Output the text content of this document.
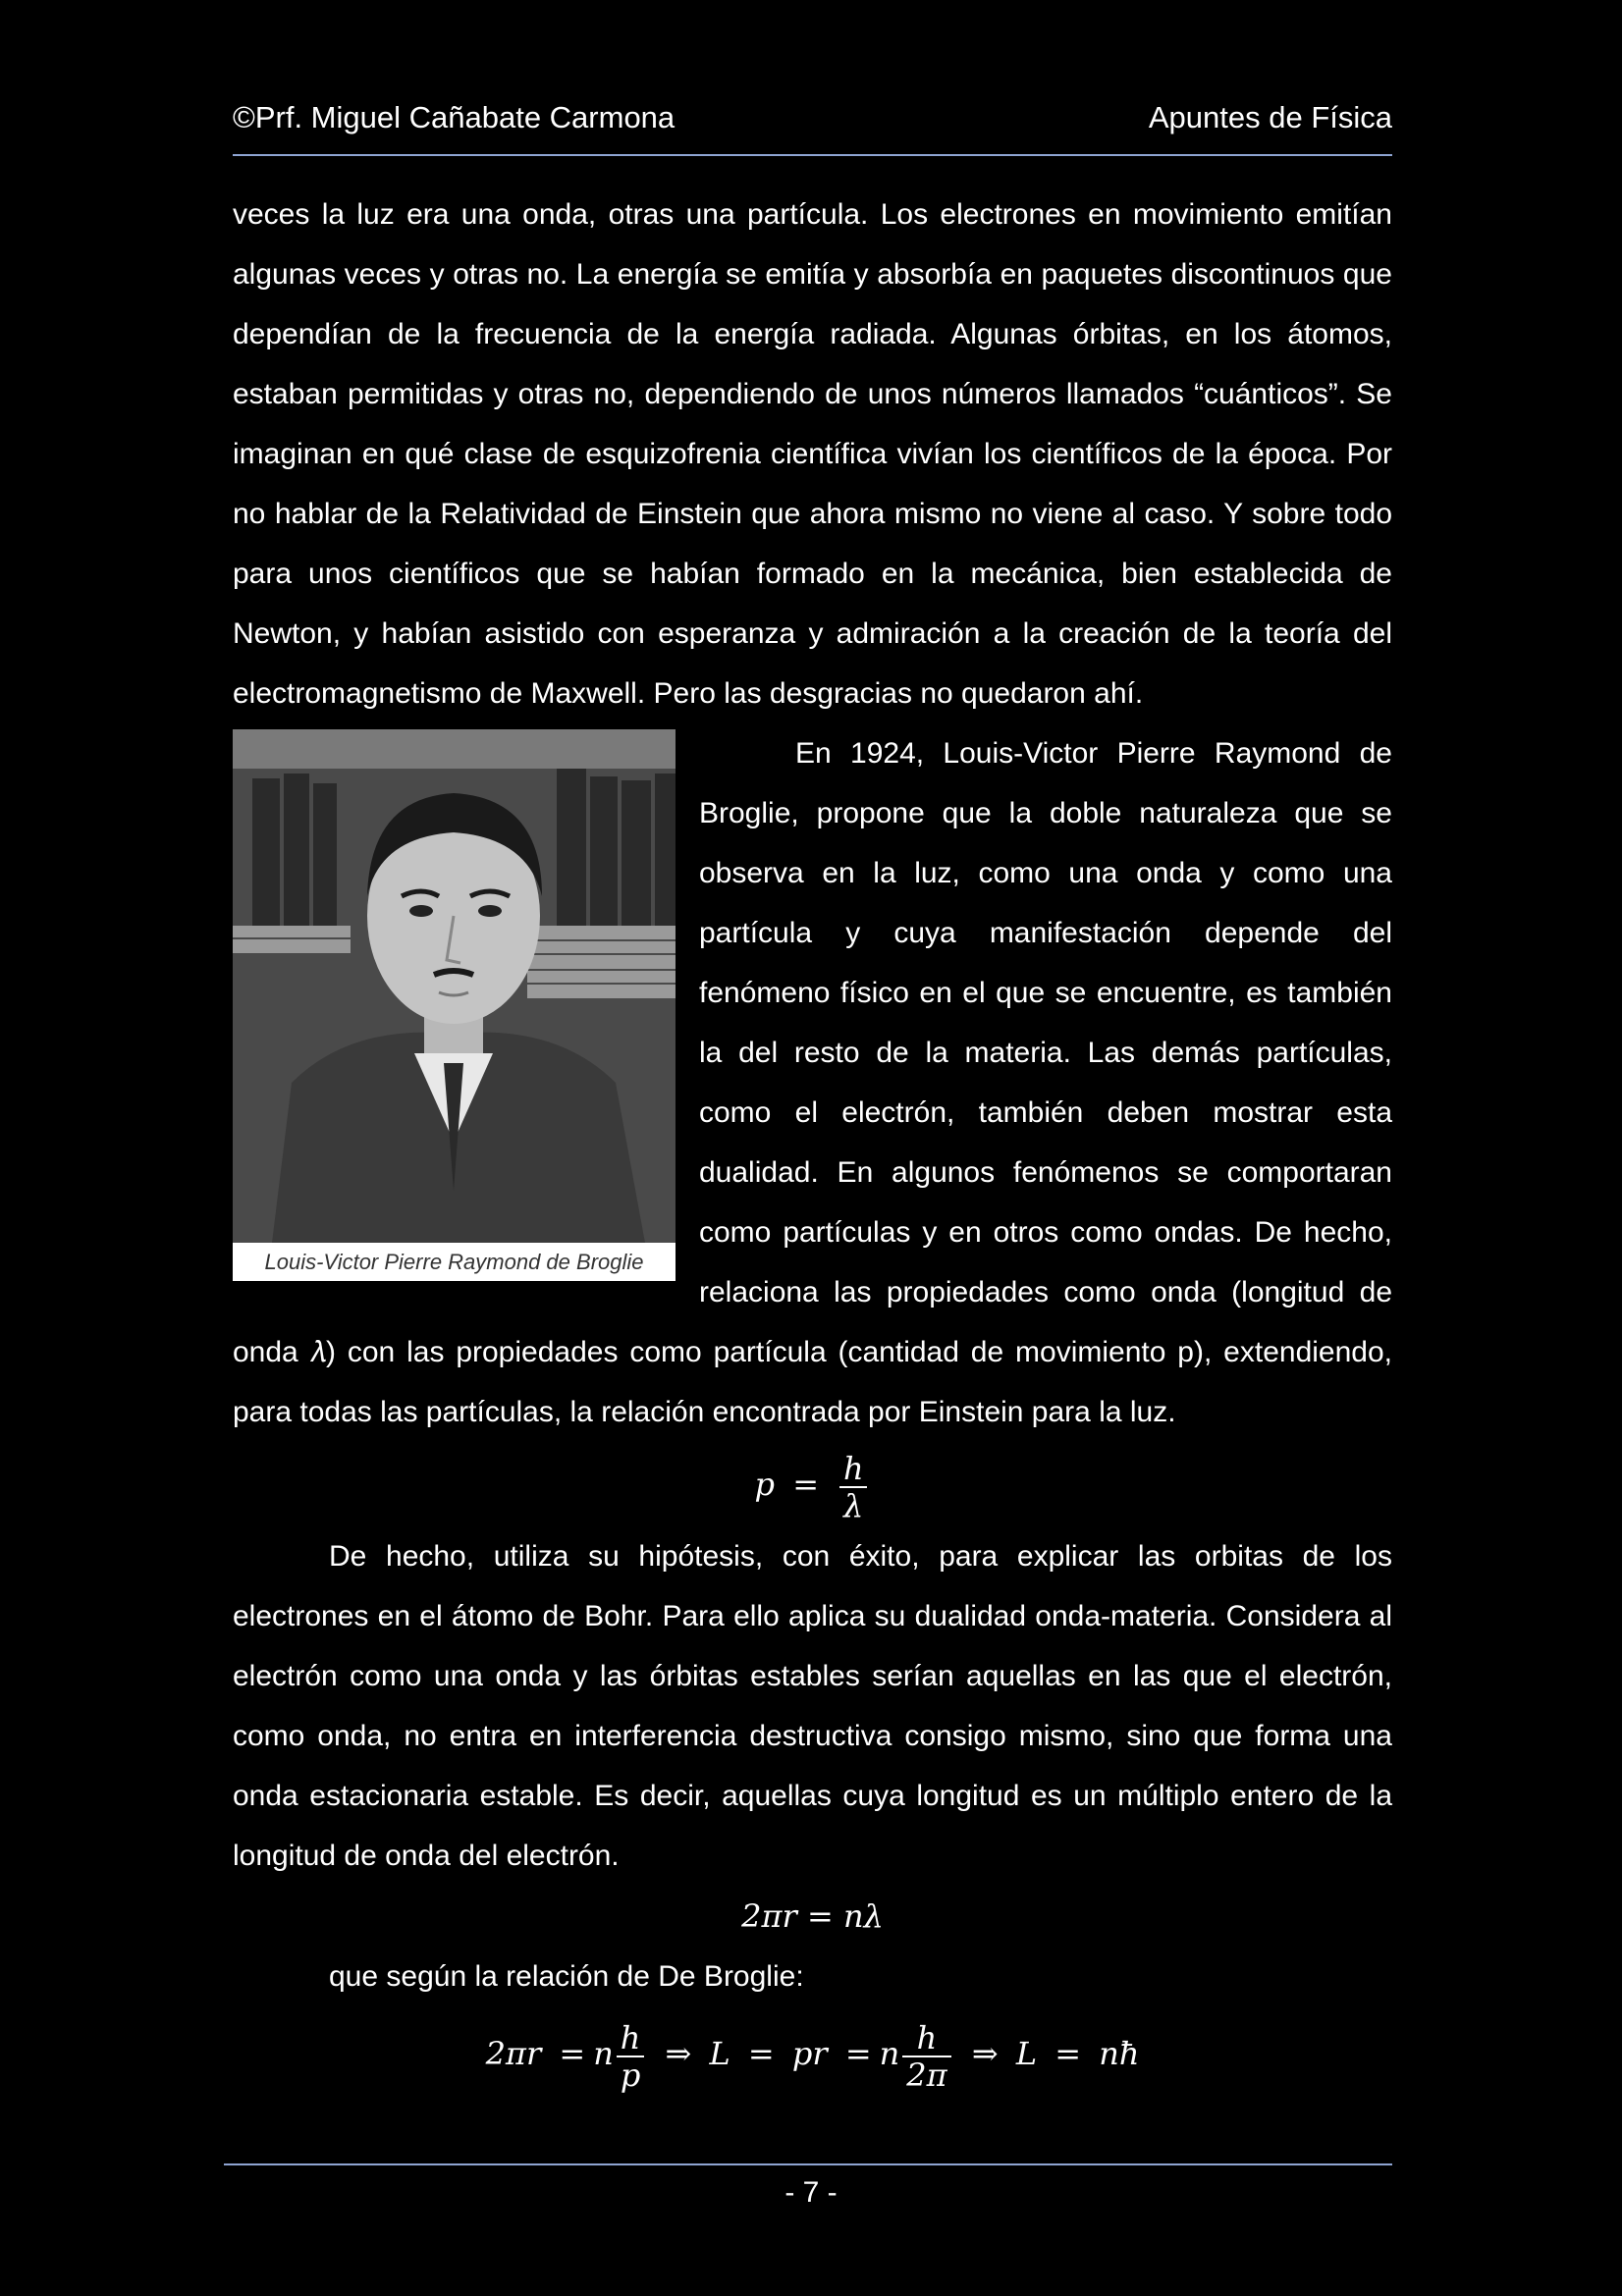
©Prf. Miguel Cañabate Carmona	Apuntes de Física

veces la luz era una onda, otras una partícula. Los electrones en movimiento emitían algunas veces y otras no. La energía se emitía y absorbía en paquetes discontinuos que dependían de la frecuencia de la energía radiada. Algunas órbitas, en los átomos, estaban permitidas y otras no, dependiendo de unos números llamados “cuánticos”. Se imaginan en qué clase de esquizofrenia científica vivían los científicos de la época. Por no hablar de la Relatividad de Einstein que ahora mismo no viene al caso. Y sobre todo para unos científicos que se habían formado en la mecánica, bien establecida de Newton, y habían asistido con esperanza y admiración a la creación de la teoría del electromagnetismo de Maxwell. Pero las desgracias no quedaron ahí.

Louis-Victor Pierre Raymond de Broglie

En 1924, Louis-Victor Pierre Raymond de Broglie, propone que la doble naturaleza que se observa en la luz, como una onda y como una partícula y cuya manifestación depende del fenómeno físico en el que se encuentre, es también la del resto de la materia. Las demás partículas, como el electrón, también deben mostrar esta dualidad. En algunos fenómenos se comportaran como partículas y en otros como ondas. De hecho, relaciona las propiedades como onda (longitud de onda 𝜆) con las propiedades como partícula (cantidad de movimiento p), extendiendo, para todas las partículas, la relación encontrada por Einstein para la luz.

$p = \frac{h}{\lambda}$

De hecho, utiliza su hipótesis, con éxito, para explicar las orbitas de los electrones en el átomo de Bohr. Para ello aplica su dualidad onda-materia. Considera al electrón como una onda y las órbitas estables serían aquellas en las que el electrón, como onda, no entra en interferencia destructiva consigo mismo, sino que forma una onda estacionaria estable. Es decir, aquellas cuya longitud es un múltiplo entero de la longitud de onda del electrón.

2πr = nλ

que según la relación de De Broglie:

2πr = n $\frac{h}{p}$ ⇒ L = pr = n $\frac{h}{2\pi}$ ⇒ L = nħ
- 7 -
